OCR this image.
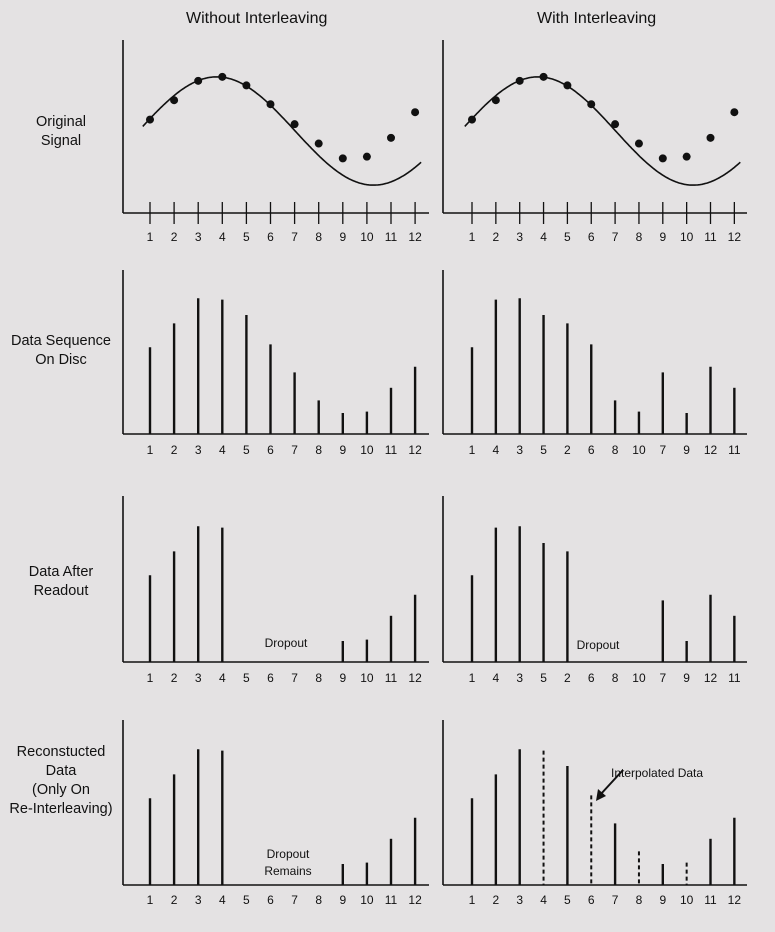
Without Interleaving	With Interleaving
Original
Signal
Data Sequence
On Disc
Data After
Readout
Reconstucted
Data
(Only On
Re-Interleaving)
1 2 3 4 5 6 7 8 9 10 11 12	1 2 3 4 5 6 7 8 9 10 11 12
1 2 3 4 5 6 7 8 9 10 11 12	1 4 3 5 2 6 8 10 7 9 12 11
1 2 3 4 5 6 7 8 9 10 11 12	1 4 3 5 2 6 8 10 7 9 12 11
1 2 3 4 5 6 7 8 9 10 11 12	1 2 3 4 5 6 7 8 9 10 11 12
Dropout	Dropout
Dropout
Remains
Interpolated Data
